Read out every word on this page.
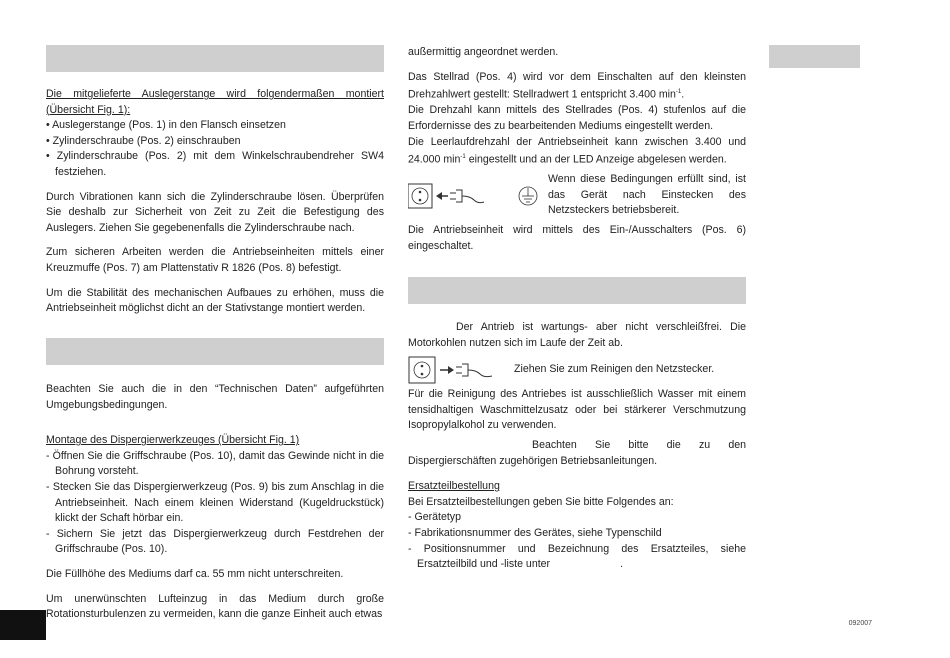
Die mitgelieferte Auslegerstange wird folgendermaßen montiert (Übersicht Fig. 1):

• Auslegerstange (Pos. 1) in den Flansch einsetzen

• Zylinderschraube (Pos. 2) einschrauben

• Zylinderschraube (Pos. 2) mit dem Winkelschraubendreher SW4 festziehen.

Durch Vibrationen kann sich die Zylinderschraube lösen. Überprüfen Sie deshalb zur Sicherheit von Zeit zu Zeit die Befestigung des Auslegers. Ziehen Sie gegebenenfalls die Zylinderschraube nach.

Zum sicheren Arbeiten werden die Antriebseinheiten mittels einer Kreuzmuffe (Pos. 7) am Plattenstativ R 1826 (Pos. 8) befestigt.

Um die Stabilität des mechanischen Aufbaues zu erhöhen, muss die Antriebseinheit möglichst dicht an der Stativstange montiert werden.

Beachten Sie auch die in den “Technischen Daten” aufgeführten Umgebungsbedingungen.

Montage des Dispergierwerkzeuges (Übersicht Fig. 1)

- Öffnen Sie die Griffschraube (Pos. 10), damit das Gewinde nicht in die Bohrung vorsteht.

- Stecken Sie das Dispergierwerkzeug (Pos. 9) bis zum Anschlag in die Antriebseinheit. Nach einem kleinen Widerstand (Kugeldruckstück) klickt der Schaft hörbar ein.

- Sichern Sie jetzt das Dispergierwerkzeug durch Festdrehen der Griffschraube (Pos. 10).

Die Füllhöhe des Mediums darf ca. 55 mm nicht unterschreiten.

Um unerwünschten Lufteinzug in das Medium durch große Rotationsturbulenzen zu vermeiden, kann die ganze Einheit auch etwas

außermittig angeordnet werden.

Das Stellrad (Pos. 4) wird vor dem Einschalten auf den kleinsten Drehzahlwert gestellt: Stellradwert 1 entspricht 3.400 $\min^{-1}$.

Die Drehzahl kann mittels des Stellrades (Pos. 4) stufenlos auf die Erfordernisse des zu bearbeitenden Mediums eingestellt werden.

Die Leerlaufdrehzahl der Antriebseinheit kann zwischen 3.400 und 24.000 $\min^{-1}$ eingestellt und an der LED Anzeige abgelesen werden.

Wenn diese Bedingungen erfüllt sind, ist das Gerät nach Einstecken des Netzsteckers betriebsbereit.

Die Antriebseinheit wird mittels des Ein-/Ausschalters (Pos. 6) eingeschaltet.

Der Antrieb ist wartungs- aber nicht verschleißfrei. Die Motorkohlen nutzen sich im Laufe der Zeit ab.

Ziehen Sie zum Reinigen den Netzstecker.

Für die Reinigung des Antriebes ist ausschließlich Wasser mit einem tensidhaltigen Waschmittelzusatz oder bei stärkerer Verschmutzung Isopropylalkohol zu verwenden.

Beachten Sie bitte die zu den Dispergierschäften zugehörigen Betriebsanleitungen.

Ersatzteilbestellung

Bei Ersatzteilbestellungen geben Sie bitte Folgendes an:

- Gerätetyp

- Fabrikationsnummer des Gerätes, siehe Typenschild

- Positionsnummer und Bezeichnung des Ersatzteiles, siehe Ersatzteilbild und -liste unter	.

092007
